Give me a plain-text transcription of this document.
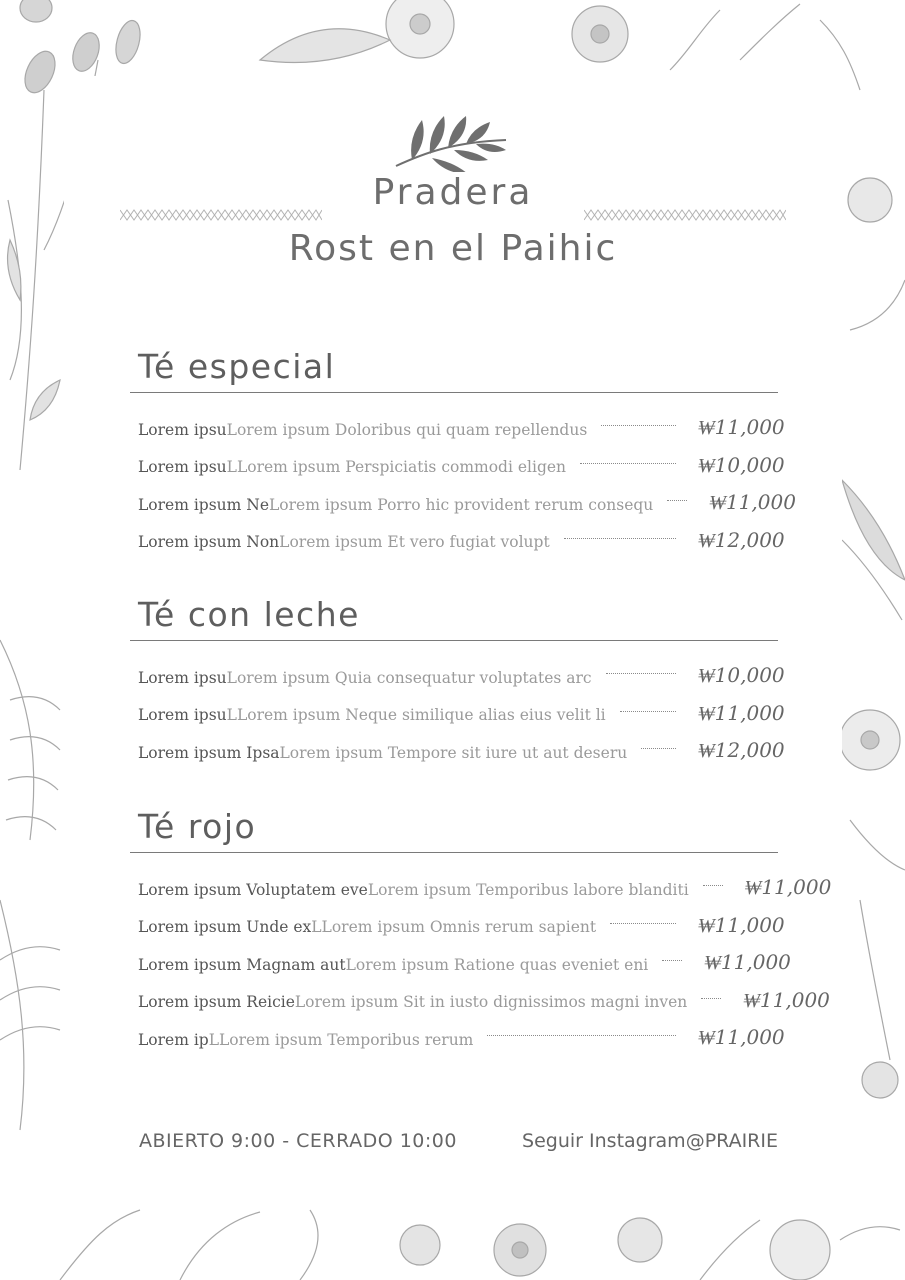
Pradera
Rost en el Paihic
Té especial
Lorem ipsu Lorem ipsum Doloribus qui quam repellendus	₩11,000
Lorem ipsu LLorem ipsum Perspiciatis commodi eligen	₩10,000
Lorem ipsum Ne Lorem ipsum Porro hic provident rerum consequ	₩11,000
Lorem ipsum Non Lorem ipsum Et vero fugiat volupt	₩12,000
Té con leche
Lorem ipsu Lorem ipsum Quia consequatur voluptates arc	₩10,000
Lorem ipsu LLorem ipsum Neque similique alias eius velit li	₩11,000
Lorem ipsum Ipsa Lorem ipsum Tempore sit iure ut aut deseru	₩12,000
Té rojo
Lorem ipsum Voluptatem eve Lorem ipsum Temporibus labore blanditi	₩11,000
Lorem ipsum Unde ex LLorem ipsum Omnis rerum sapient	₩11,000
Lorem ipsum Magnam aut Lorem ipsum Ratione quas eveniet eni	₩11,000
Lorem ipsum Reicie Lorem ipsum Sit in iusto dignissimos magni inven	₩11,000
Lorem ip LLorem ipsum Temporibus rerum	₩11,000
ABIERTO 9:00 - CERRADO 10:00	Seguir Instagram@PRAIRIE
